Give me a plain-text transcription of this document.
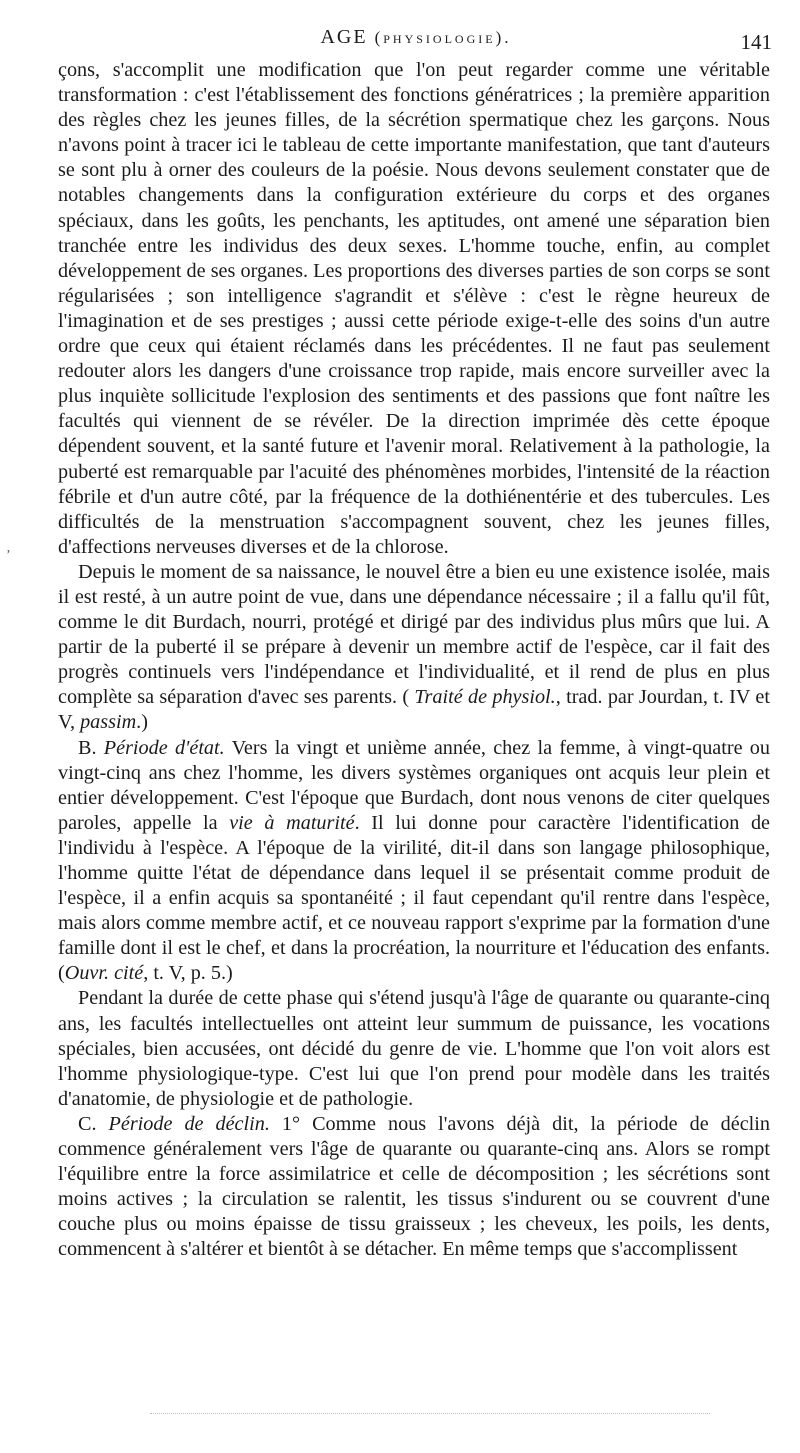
AGE (physiologie).	141

çons, s'accomplit une modification que l'on peut regarder comme une véritable transformation : c'est l'établissement des fonctions génératrices ; la première apparition des règles chez les jeunes filles, de la sécrétion spermatique chez les garçons. Nous n'avons point à tracer ici le tableau de cette importante manifestation, que tant d'auteurs se sont plu à orner des couleurs de la poésie. Nous devons seulement constater que de notables changements dans la configuration extérieure du corps et des organes spéciaux, dans les goûts, les penchants, les aptitudes, ont amené une séparation bien tranchée entre les individus des deux sexes. L'homme touche, enfin, au complet développement de ses organes. Les proportions des diverses parties de son corps se sont régularisées ; son intelligence s'agrandit et s'élève : c'est le règne heureux de l'imagination et de ses prestiges ; aussi cette période exige-t-elle des soins d'un autre ordre que ceux qui étaient réclamés dans les précédentes. Il ne faut pas seulement redouter alors les dangers d'une croissance trop rapide, mais encore surveiller avec la plus inquiète sollicitude l'explosion des sentiments et des passions que font naître les facultés qui viennent de se révéler. De la direction imprimée dès cette époque dépendent souvent, et la santé future et l'avenir moral. Relativement à la pathologie, la puberté est remarquable par l'acuité des phénomènes morbides, l'intensité de la réaction fébrile et d'un autre côté, par la fréquence de la dothiénentérie et des tubercules. Les difficultés de la menstruation s'accompagnent souvent, chez les jeunes filles, d'affections nerveuses diverses et de la chlorose.

Depuis le moment de sa naissance, le nouvel être a bien eu une existence isolée, mais il est resté, à un autre point de vue, dans une dépendance nécessaire ; il a fallu qu'il fût, comme le dit Burdach, nourri, protégé et dirigé par des individus plus mûrs que lui. A partir de la puberté il se prépare à devenir un membre actif de l'espèce, car il fait des progrès continuels vers l'indépendance et l'individualité, et il rend de plus en plus complète sa séparation d'avec ses parents. ( Traité de physiol., trad. par Jourdan, t. IV et V, passim.)

B. Période d'état. Vers la vingt et unième année, chez la femme, à vingt-quatre ou vingt-cinq ans chez l'homme, les divers systèmes organiques ont acquis leur plein et entier développement. C'est l'époque que Burdach, dont nous venons de citer quelques paroles, appelle la vie à maturité. Il lui donne pour caractère l'identification de l'individu à l'espèce. A l'époque de la virilité, dit-il dans son langage philosophique, l'homme quitte l'état de dépendance dans lequel il se présentait comme produit de l'espèce, il a enfin acquis sa spontanéité ; il faut cependant qu'il rentre dans l'espèce, mais alors comme membre actif, et ce nouveau rapport s'exprime par la formation d'une famille dont il est le chef, et dans la procréation, la nourriture et l'éducation des enfants. (Ouvr. cité, t. V, p. 5.)

Pendant la durée de cette phase qui s'étend jusqu'à l'âge de quarante ou quarante-cinq ans, les facultés intellectuelles ont atteint leur summum de puissance, les vocations spéciales, bien accusées, ont décidé du genre de vie. L'homme que l'on voit alors est l'homme physiologique-type. C'est lui que l'on prend pour modèle dans les traités d'anatomie, de physiologie et de pathologie.

C. Période de déclin. 1° Comme nous l'avons déjà dit, la période de déclin commence généralement vers l'âge de quarante ou quarante-cinq ans. Alors se rompt l'équilibre entre la force assimilatrice et celle de décomposition ; les sécrétions sont moins actives ; la circulation se ralentit, les tissus s'indurent ou se couvrent d'une couche plus ou moins épaisse de tissu graisseux ; les cheveux, les poils, les dents, commencent à s'altérer et bientôt à se détacher. En même temps que s'accomplissent

ʼ
